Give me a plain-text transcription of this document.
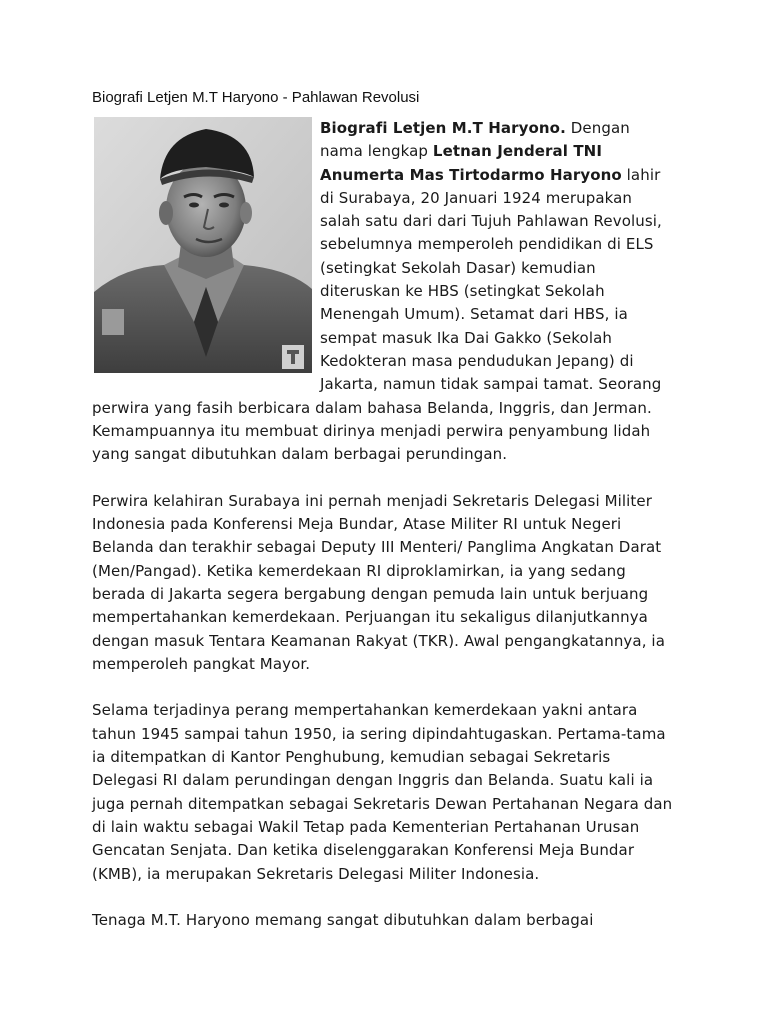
Biografi Letjen M.T Haryono - Pahlawan Revolusi

Biografi Letjen M.T Haryono. Dengan nama lengkap Letnan Jenderal TNI Anumerta Mas Tirtodarmo Haryono lahir di Surabaya, 20 Januari 1924 merupakan salah satu dari dari Tujuh Pahlawan Revolusi, sebelumnya memperoleh pendidikan di ELS (setingkat Sekolah Dasar) kemudian diteruskan ke HBS (setingkat Sekolah Menengah Umum). Setamat dari HBS, ia sempat masuk Ika Dai Gakko (Sekolah Kedokteran masa pendudukan Jepang) di Jakarta, namun tidak sampai tamat. Seorang perwira yang fasih berbicara dalam bahasa Belanda, Inggris, dan Jerman. Kemampuannya itu membuat dirinya menjadi perwira penyambung lidah yang sangat dibutuhkan dalam berbagai perundingan.

Perwira kelahiran Surabaya ini pernah menjadi Sekretaris Delegasi Militer Indonesia pada Konferensi Meja Bundar, Atase Militer RI untuk Negeri Belanda dan terakhir sebagai Deputy III Menteri/ Panglima Angkatan Darat (Men/Pangad). Ketika kemerdekaan RI diproklamirkan, ia yang sedang berada di Jakarta segera bergabung dengan pemuda lain untuk berjuang mempertahankan kemerdekaan. Perjuangan itu sekaligus dilanjutkannya dengan masuk Tentara Keamanan Rakyat (TKR). Awal pengangkatannya, ia memperoleh pangkat Mayor.

Selama terjadinya perang mempertahankan kemerdekaan yakni antara tahun 1945 sampai tahun 1950, ia sering dipindahtugaskan. Pertama-tama ia ditempatkan di Kantor Penghubung, kemudian sebagai Sekretaris Delegasi RI dalam perundingan dengan Inggris dan Belanda. Suatu kali ia juga pernah ditempatkan sebagai Sekretaris Dewan Pertahanan Negara dan di lain waktu sebagai Wakil Tetap pada Kementerian Pertahanan Urusan Gencatan Senjata. Dan ketika diselenggarakan Konferensi Meja Bundar (KMB), ia merupakan Sekretaris Delegasi Militer Indonesia.

Tenaga M.T. Haryono memang sangat dibutuhkan dalam berbagai
